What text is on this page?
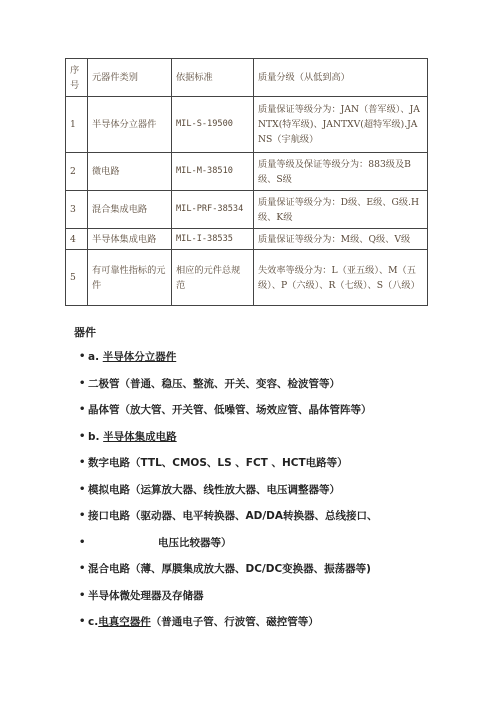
序号	元器件类别	依据标准	质量分级（从低到高）
1	半导体分立器件	MIL-S-19500	质量保证等级分为：JAN（普军级）、JANTX(特军级)、JANTXV(超特军级).JANS（宇航级）
2	微电路	MIL-M-38510	质量等级及保证等级分为：883级及B级、S级
3	混合集成电路	MIL-PRF-38534	质量保证等级分为：D级、E级、G级.H级、K级
4	半导体集成电路	MIL-I-38535	质量保证等级分为：M级、Q级、V级
5	有可靠性指标的元件	相应的元件总规范	失效率等级分为：L（亚五级）、M（五级）、P（六级）、R（七级）、S（八级）
器件
• a. 半导体分立器件
• 二极管（普通、稳压、整流、开关、变容、检波管等）
• 晶体管（放大管、开关管、低噪管、场效应管、晶体管阵等）
• b. 半导体集成电路
• 数字电路（TTL、CMOS、LS 、FCT 、HCT电路等）
• 模拟电路（运算放大器、线性放大器、电压调整器等）
• 接口电路（驱动器、电平转换器、AD/DA转换器、总线接口、
•	电压比较器等）
• 混合电路（薄、厚膜集成放大器、DC/DC变换器、振荡器等)
• 半导体微处理器及存储器
• c.电真空器件（普通电子管、行波管、磁控管等）
